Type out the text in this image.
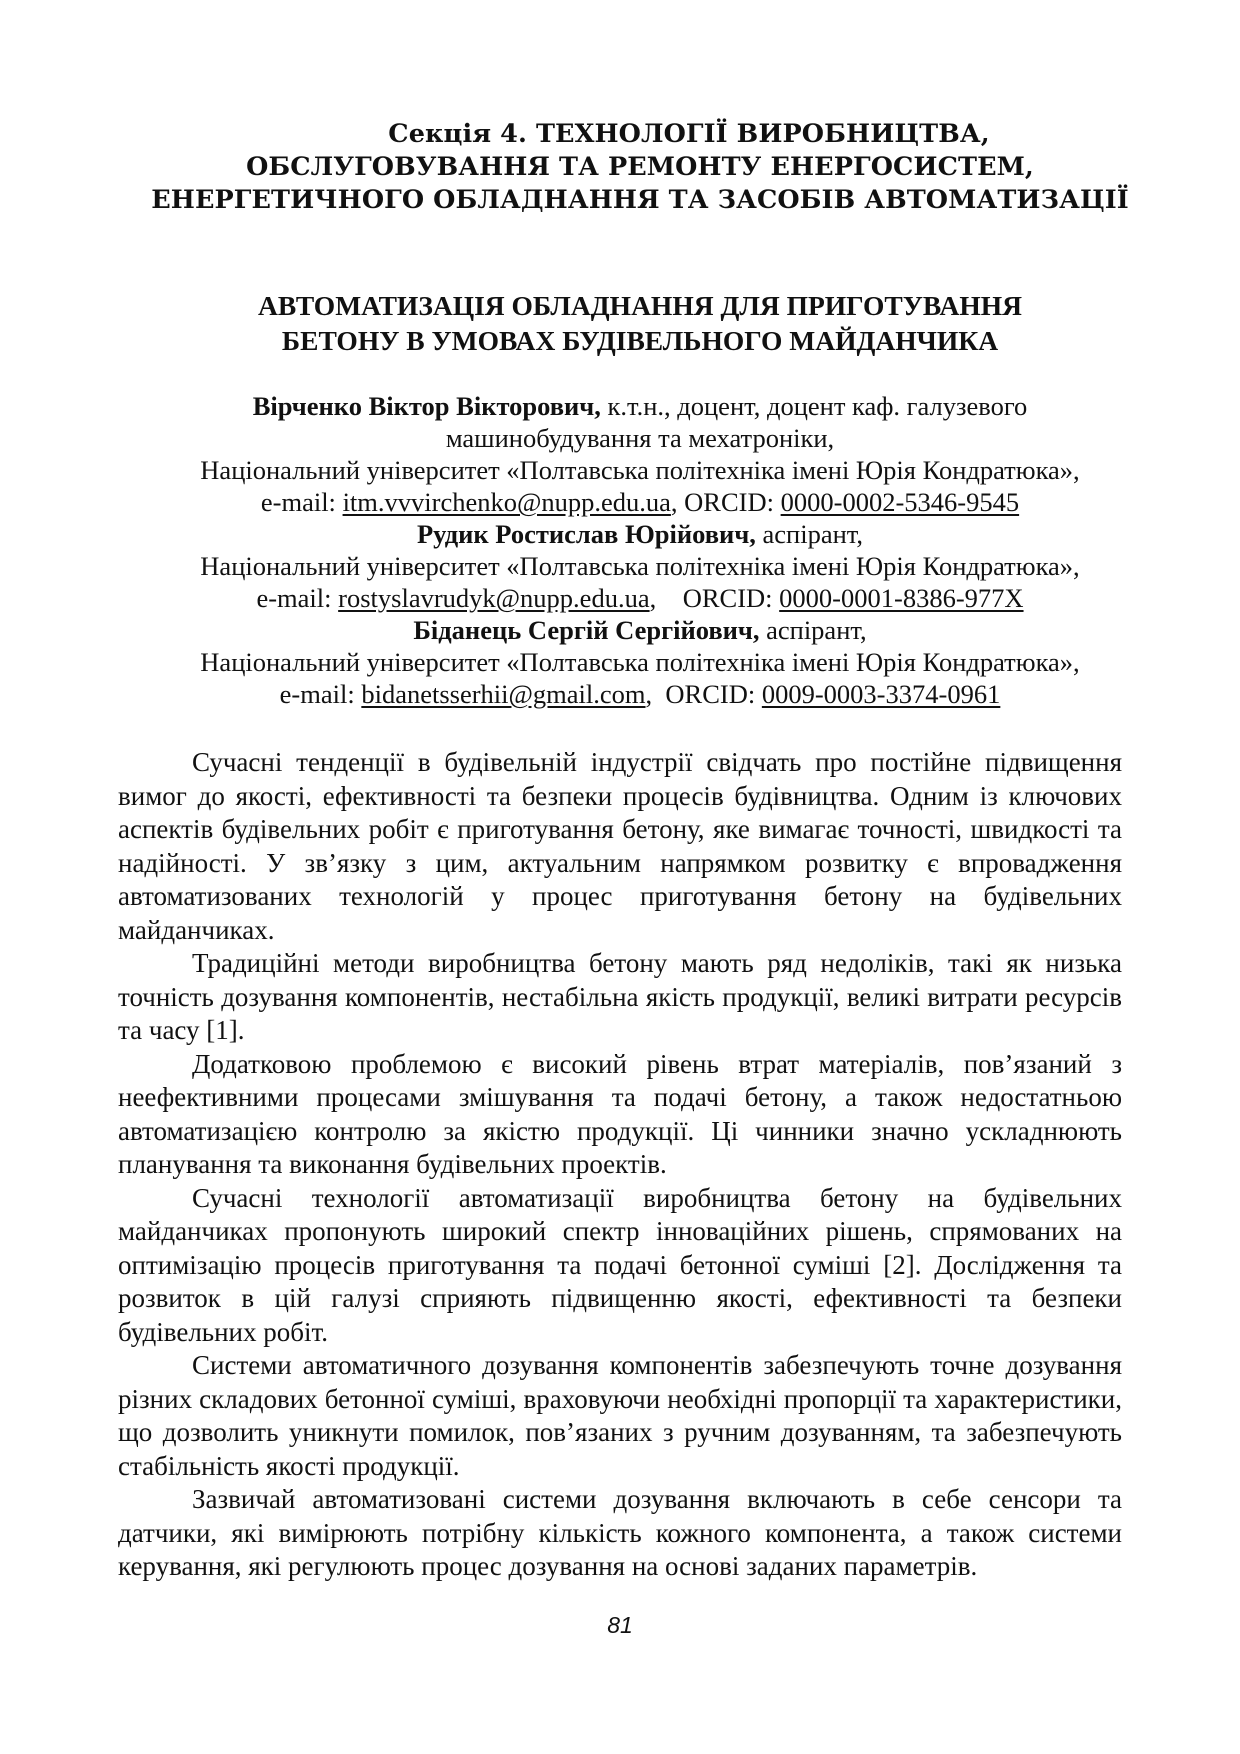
Секція 4. ТЕХНОЛОГІЇ ВИРОБНИЦТВА,
ОБСЛУГОВУВАННЯ ТА РЕМОНТУ ЕНЕРГОСИСТЕМ,
ЕНЕРГЕТИЧНОГО ОБЛАДНАННЯ ТА ЗАСОБІВ АВТОМАТИЗАЦІЇ
АВТОМАТИЗАЦІЯ ОБЛАДНАННЯ ДЛЯ ПРИГОТУВАННЯ
БЕТОНУ В УМОВАХ БУДІВЕЛЬНОГО МАЙДАНЧИКА
Вірченко Віктор Вікторович, к.т.н., доцент, доцент каф. галузевого
машинобудування та мехатроніки,
Національний університет «Полтавська політехніка імені Юрія Кондратюка»,
e-mail: itm.vvvirchenko@nupp.edu.ua, ORCID: 0000-0002-5346-9545
Рудик Ростислав Юрійович, аспірант,
Національний університет «Полтавська політехніка імені Юрія Кондратюка»,
e-mail: rostyslavrudyk@nupp.edu.ua,    ORCID: 0000-0001-8386-977X
Біданець Сергій Сергійович, аспірант,
Національний університет «Полтавська політехніка імені Юрія Кондратюка»,
e-mail: bidanetsserhii@gmail.com,  ORCID: 0009-0003-3374-0961

Сучасні тенденції в будівельній індустрії свідчать про постійне підвищення вимог до якості, ефективності та безпеки процесів будівництва. Одним із ключових аспектів будівельних робіт є приготування бетону, яке вимагає точності, швидкості та надійності. У зв’язку з цим, актуальним напрямком розвитку є впровадження автоматизованих технологій у процес приготування бетону на будівельних майданчиках.

Традиційні методи виробництва бетону мають ряд недоліків, такі як низька точність дозування компонентів, нестабільна якість продукції, великі витрати ресурсів та часу [1].

Додатковою проблемою є високий рівень втрат матеріалів, пов’язаний з неефективними процесами змішування та подачі бетону, а також недостатньою автоматизацією контролю за якістю продукції. Ці чинники значно ускладнюють планування та виконання будівельних проектів.

Сучасні технології автоматизації виробництва бетону на будівельних майданчиках пропонують широкий спектр інноваційних рішень, спрямованих на оптимізацію процесів приготування та подачі бетонної суміші [2]. Дослідження та розвиток в цій галузі сприяють підвищенню якості, ефективності та безпеки будівельних робіт.

Системи автоматичного дозування компонентів забезпечують точне дозування різних складових бетонної суміші, враховуючи необхідні пропорції та характеристики, що дозволить уникнути помилок, пов’язаних з ручним дозуванням, та забезпечують стабільність якості продукції.

Зазвичай автоматизовані системи дозування включають в себе сенсори та датчики, які вимірюють потрібну кількість кожного компонента, а також системи керування, які регулюють процес дозування на основі заданих параметрів.

81
